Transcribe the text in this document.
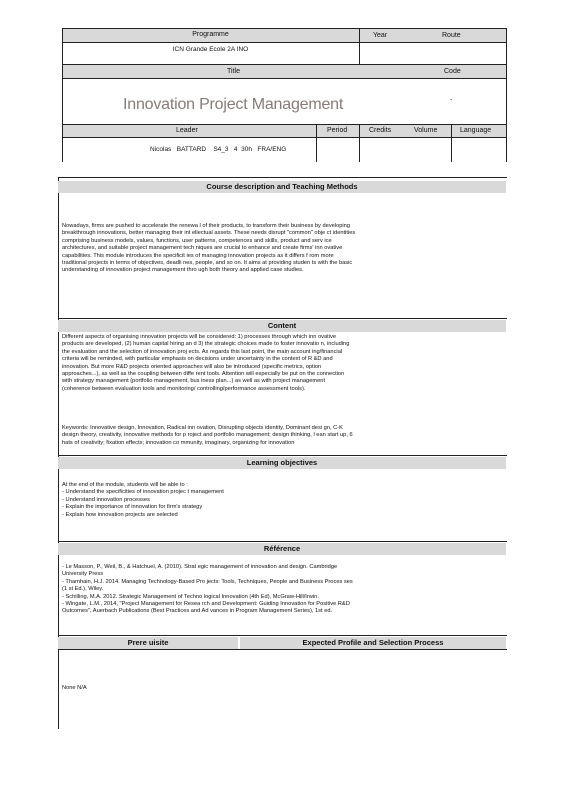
Programme	Year	Route
ICN Grande Ecole 2A INO
Title	Code
Innovation Project Management	-
Leader	Period	Credits	Volume	Language
Nicolas   BATTARD    S4_3   4  30h   FRA/ENG
Course description and Teaching Methods
Nowadays, firms are pushed to accelerate the renewa l of their products, to transform their business by developing
breakthrough innovations, better managing their int ellectual assets. These needs disrupt "common" obje ct identities
comprising business models, values, functions, user patterns, competences and skills, product and serv ice
architectures, and suitable project management tech niques are crucial to enhance and create firms' inn ovative
capabilities. This module introduces the specificit ies of managing innovation projects as it differs f rom more
traditional projects in terms of objectives, deadli nes, people, and so on. It aims at providing studen ts with the basic
understanding of innovation project management thro ugh both theory and applied case studies.
Content
Different aspects of organising innovation projects will be considered: 1) processes through which inn ovative
products are developed, (2) human capital hiring an d 3) the strategic choices made to foster innovatio n, including
the evaluation and the selection of innovation proj ects. As regards this last point, the main account ing/financial
criteria will be reminded, with particular emphasis on decisions under uncertainty in the context of R &D and
innovation. But more R&D projects oriented approaches will also be introduced (specific metrics, option
approaches...), as well as the coupling between diffe rent tools. Attention will especially be put on the connection
with strategy management (portfolio management, bus iness plan...) as well as with project management
(coherence between evaluation tools and monitoring/ controlling/performance assessment tools).
Keywords: Innovative design, Innovation, Radical inn ovation, Disrupting objects identity, Dominant desi gn, C-K
design theory, creativity, innovative methods for p roject and portfolio management; design thinking, l ean start up, 6
hats of creativity; fixation effects; innovation co mmunity, imaginary, organizing for innovation
Learning objectives
At the end of the module, students will be able to :
- Understand the specificities of innovation projec t management
- Understand innovation processes
- Explain the importance of innovation for firm's strategy
- Explain how innovation projects are selected
Référence
- Le Masson, P., Weil, B., & Hatchuel, A. (2010). Strat egic management of innovation and design. Cambridge
University Press
- Thamhain, H.J. 2014. Managing Technology-Based Pro jects: Tools, Techniques, People and Business Proces ses
(1 st Ed.), Wiley.
- Schilling, M.A. 2012. Strategic Management of Techno logical Innovation (4th Ed), McGraw-Hill/Irwin.
- Wingate, L.M., 2014, "Project Management for Resea rch and Development: Guiding Innovation for Positive R&D
Outcomes", Auerbach Publications (Best Practices and Ad vances in Program Management Series), 1st ed.
Prere uisite	Expected Profile and Selection Process
None N/A
